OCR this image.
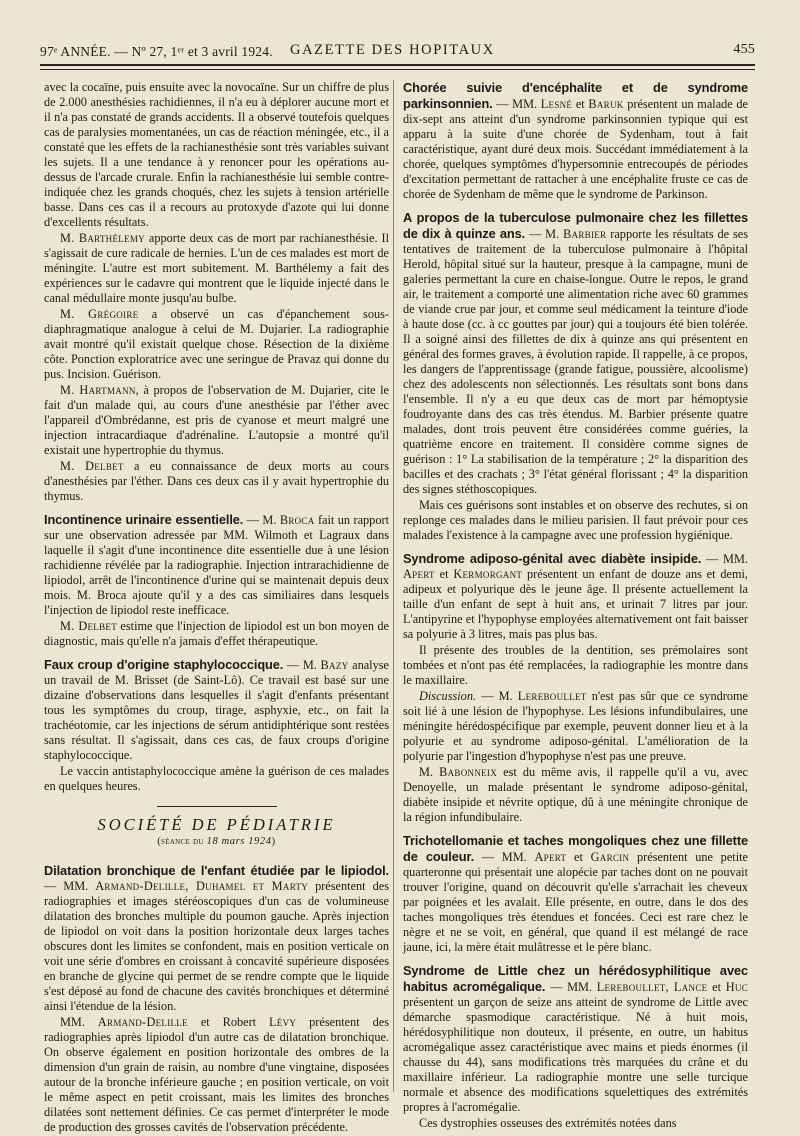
97ᵉ ANNÉE. — Nº 27, 1ᵉʳ et 3 avril 1924. GAZETTE DES HOPITAUX	455

avec la cocaïne, puis ensuite avec la novocaïne. Sur un chiffre de plus de 2.000 anesthésies rachidiennes, il n'a eu à déplorer aucune mort et il n'a pas constaté de grands accidents. Il a observé toutefois quelques cas de paralysies momentanées, un cas de réaction méningée, etc., il a constaté que les effets de la rachianesthésie sont très variables suivant les sujets. Il a une tendance à y renoncer pour les opérations au-dessus de l'arcade crurale. Enfin la rachianesthésie lui semble contre-indiquée chez les grands choqués, chez les sujets à tension artérielle basse. Dans ces cas il a recours au protoxyde d'azote qui lui donne d'excellents résultats.

M. Barthélemy apporte deux cas de mort par rachianesthésie. Il s'agissait de cure radicale de hernies. L'un de ces malades est mort de méningite. L'autre est mort subitement. M. Barthélemy a fait des expériences sur le cadavre qui montrent que le liquide injecté dans le canal médullaire monte jusqu'au bulbe.

M. Grégoire a observé un cas d'épanchement sous-diaphragmatique analogue à celui de M. Dujarier. La radiographie avait montré qu'il existait quelque chose. Résection de la dixième côte. Ponction exploratrice avec une seringue de Pravaz qui donne du pus. Incision. Guérison.

M. Hartmann, à propos de l'observation de M. Dujarier, cite le fait d'un malade qui, au cours d'une anesthésie par l'éther avec l'appareil d'Ombrédanne, est pris de cyanose et meurt malgré une injection intracardiaque d'adrénaline. L'autopsie a montré qu'il existait une hypertrophie du thymus.

M. Delbet a eu connaissance de deux morts au cours d'anesthésies par l'éther. Dans ces deux cas il y avait hypertrophie du thymus.

Incontinence urinaire essentielle. — M. Broca fait un rapport sur une observation adressée par MM. Wilmoth et Lagraux dans laquelle il s'agit d'une incontinence dite essentielle due à une lésion rachidienne révélée par la radiographie. Injection intrarachidienne de lipiodol, arrêt de l'incontinence d'urine qui se maintenait depuis deux mois. M. Broca ajoute qu'il y a des cas similiaires dans lesquels l'injection de lipiodol reste inefficace.

M. Delbet estime que l'injection de lipiodol est un bon moyen de diagnostic, mais qu'elle n'a jamais d'effet thérapeutique.

Faux croup d'origine staphylococcique. — M. Bazy analyse un travail de M. Brisset (de Saint-Lô). Ce travail est basé sur une dizaine d'observations dans lesquelles il s'agit d'enfants présentant tous les symptômes du croup, tirage, asphyxie, etc., on fait la trachéotomie, car les injections de sérum antidiphtérique sont restées sans résultat. Il s'agissait, dans ces cas, de faux croups d'origine staphylococcique.

Le vaccin antistaphylococcique amène la guérison de ces malades en quelques heures.

SOCIÉTÉ DE PÉDIATRIE
(séance du 18 mars 1924)

Dilatation bronchique de l'enfant étudiée par le lipiodol. — MM. Armand-Delille, Duhamel et Marty présentent des radiographies et images stéréoscopiques d'un cas de volumineuse dilatation des bronches multiple du poumon gauche. Après injection de lipiodol on voit dans la position horizontale deux larges taches obscures dont les limites se confondent, mais en position verticale on voit une série d'ombres en croissant à concavité supérieure disposées en branche de glycine qui permet de se rendre compte que le liquide s'est déposé au fond de chacune des cavités bronchiques et déterminé ainsi l'étendue de la lésion.

MM. Armand-Delille et Robert Lévy présentent des radiographies après lipiodol d'un autre cas de dilatation bronchique. On observe également en position horizontale des ombres de la dimension d'un grain de raisin, au nombre d'une vingtaine, disposées autour de la bronche inférieure gauche ; en position verticale, on voit le même aspect en petit croissant, mais les limites des bronches dilatées sont nettement définies. Ce cas permet d'interpréter le mode de production des grosses cavités de l'observation précédente.

Chorée suivie d'encéphalite et de syndrome parkinsonnien. — MM. Lesné et Baruk présentent un malade de dix-sept ans atteint d'un syndrome parkinsonnien typique qui est apparu à la suite d'une chorée de Sydenham, tout à fait caractéristique, ayant duré deux mois. Succédant immédiatement à la chorée, quelques symptômes d'hypersomnie entrecoupés de périodes d'excitation permettant de rattacher à une encéphalite fruste ce cas de chorée de Sydenham de même que le syndrome de Parkinson.

A propos de la tuberculose pulmonaire chez les fillettes de dix à quinze ans. — M. Barbier rapporte les résultats de ses tentatives de traitement de la tuberculose pulmonaire à l'hôpital Herold, hôpital situé sur la hauteur, presque à la campagne, muni de galeries permettant la cure en chaise-longue. Outre le repos, le grand air, le traitement a comporté une alimentation riche avec 60 grammes de viande crue par jour, et comme seul médicament la teinture d'iode à haute dose (cc. à cc gouttes par jour) qui a toujours été bien tolérée. Il a soigné ainsi des fillettes de dix à quinze ans qui présentent en général des formes graves, à évolution rapide. Il rappelle, à ce propos, les dangers de l'apprentissage (grande fatigue, poussière, alcoolisme) chez des adolescents non sélectionnés. Les résultats sont bons dans l'ensemble. Il n'y a eu que deux cas de mort par hémoptysie foudroyante dans des cas très étendus. M. Barbier présente quatre malades, dont trois peuvent être considérées comme guéries, la quatrième encore en traitement. Il considère comme signes de guérison : 1° La stabilisation de la température ; 2° la disparition des bacilles et des crachats ; 3° l'état général florissant ; 4° la disparition des signes stéthoscopiques.

Mais ces guérisons sont instables et on observe des rechutes, si on replonge ces malades dans le milieu parisien. Il faut prévoir pour ces malades l'existence à la campagne avec une profession hygiénique.

Syndrome adiposo-génital avec diabète insipide. — MM. Apert et Kermorgant présentent un enfant de douze ans et demi, adipeux et polyurique dès le jeune âge. Il présente actuellement la taille d'un enfant de sept à huit ans, et urinait 7 litres par jour. L'antipyrine et l'hypophyse employées alternativement ont fait baisser sa polyurie à 3 litres, mais pas plus bas.

Il présente des troubles de la dentition, ses prémolaires sont tombées et n'ont pas été remplacées, la radiographie les montre dans le maxillaire.

Discussion. — M. Lereboullet n'est pas sûr que ce syndrome soit lié à une lésion de l'hypophyse. Les lésions infundibulaires, une méningite hérédospécifique par exemple, peuvent donner lieu et à la polyurie et au syndrome adiposo-génital. L'amélioration de la polyurie par l'ingestion d'hypophyse n'est pas une preuve.

M. Babonneix est du même avis, il rappelle qu'il a vu, avec Denoyelle, un malade présentant le syndrome adiposo-génital, diabète insipide et névrite optique, dû à une méningite chronique de la région infundibulaire.

Trichotellomanie et taches mongoliques chez une fillette de couleur. — MM. Apert et Garcin présentent une petite quarteronne qui présentait une alopécie par taches dont on ne pouvait trouver l'origine, quand on découvrit qu'elle s'arrachait les cheveux par poignées et les avalait. Elle présente, en outre, dans le dos des taches mongoliques très étendues et foncées. Ceci est rare chez le nègre et ne se voit, en général, que quand il est mélangé de race jaune, ici, la mère était mulâtresse et le père blanc.

Syndrome de Little chez un hérédosyphilitique avec habitus acromégalique. — MM. Lereboullet, Lance et Huc présentent un garçon de seize ans atteint de syndrome de Little avec démarche spasmodique caractéristique. Né à huit mois, hérédosyphilitique non douteux, il présente, en outre, un habitus acromégalique assez caractéristique avec mains et pieds énormes (il chausse du 44), sans modifications très marquées du crâne et du maxillaire inférieur. La radiographie montre une selle turcique normale et absence des modifications squelettiques des extrémités propres à l'acromégalie.

Ces dystrophies osseuses des extrémités notées dans
